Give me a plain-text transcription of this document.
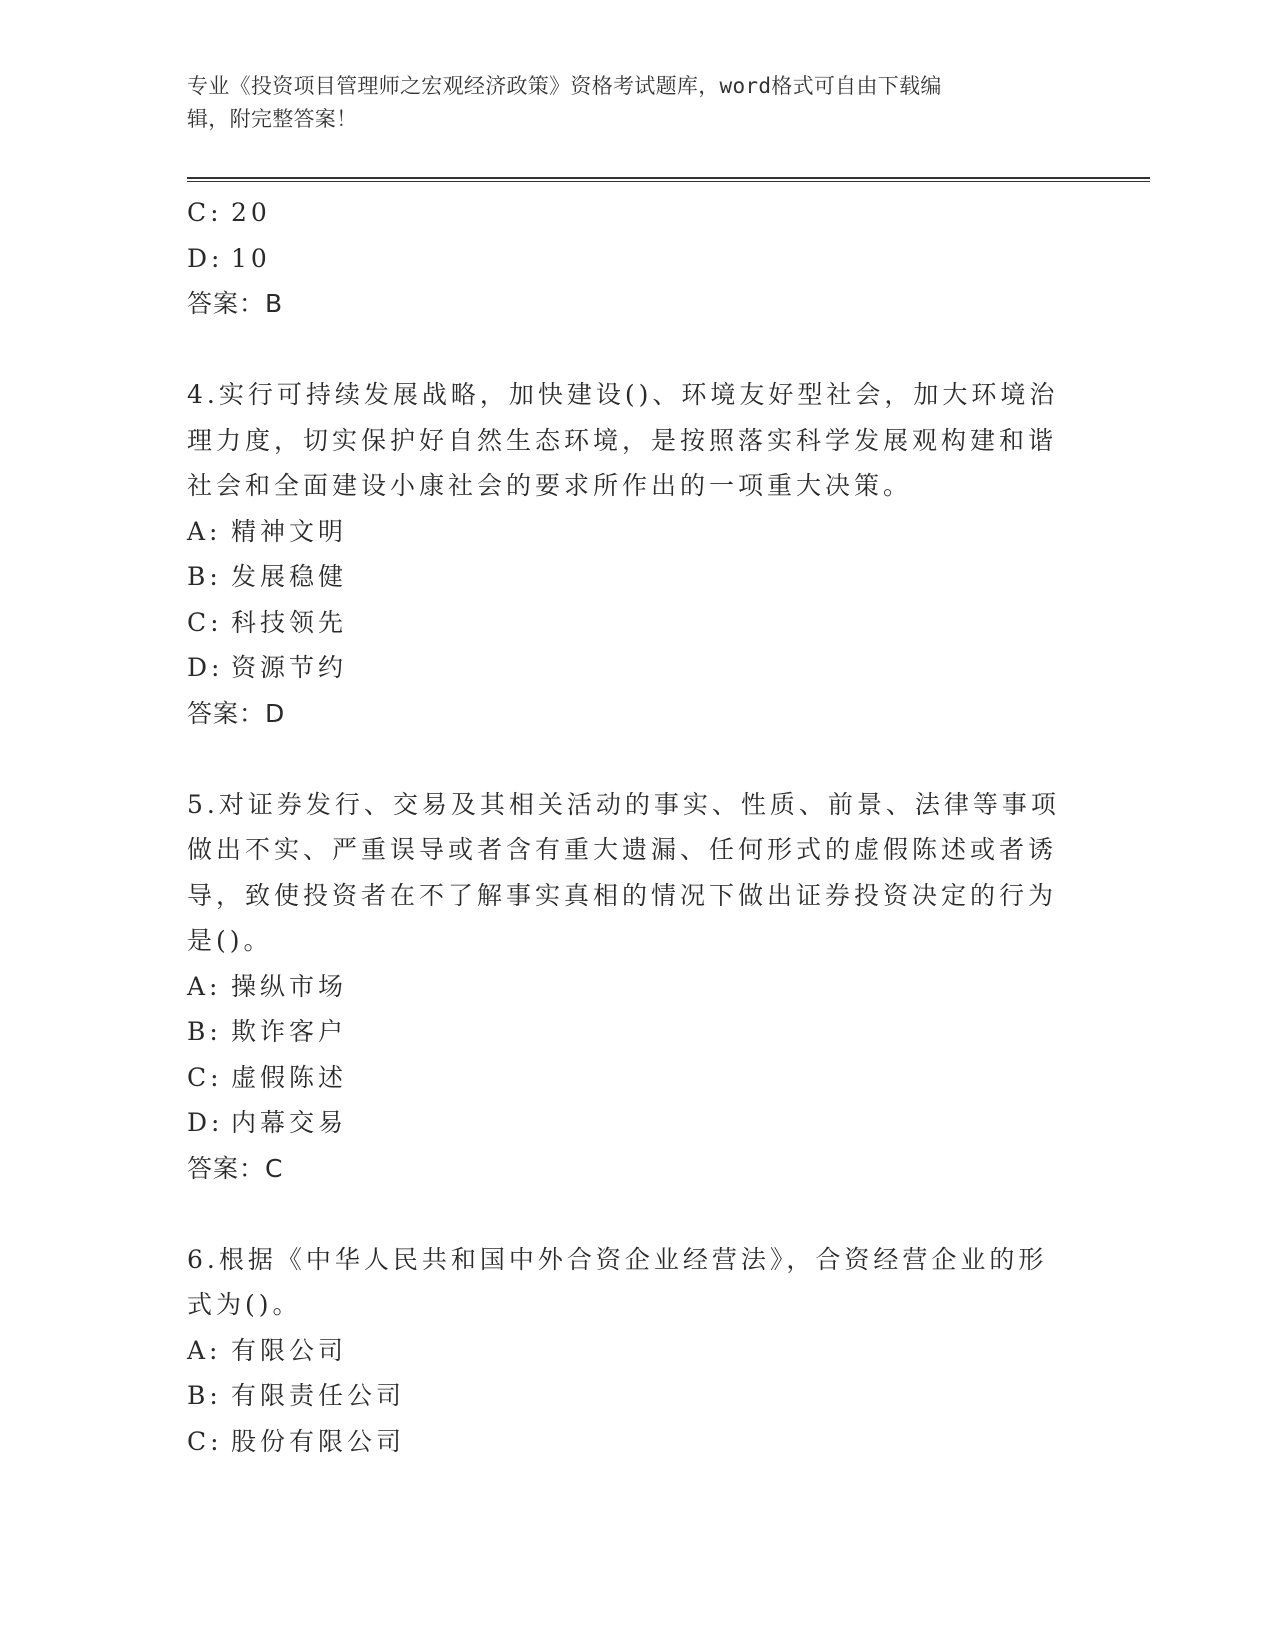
专业《投资项目管理师之宏观经济政策》资格考试题库，word格式可自由下载编
辑，附完整答案！
C: 20
D: 10
答案：B
4.实行可持续发展战略，加快建设()、环境友好型社会，加大环境治
理力度，切实保护好自然生态环境，是按照落实科学发展观构建和谐
社会和全面建设小康社会的要求所作出的一项重大决策。
A: 精神文明
B: 发展稳健
C: 科技领先
D: 资源节约
答案：D
5.对证券发行、交易及其相关活动的事实、性质、前景、法律等事项
做出不实、严重误导或者含有重大遗漏、任何形式的虚假陈述或者诱
导，致使投资者在不了解事实真相的情况下做出证券投资决定的行为
是()。
A: 操纵市场
B: 欺诈客户
C: 虚假陈述
D: 内幕交易
答案：C
6.根据《中华人民共和国中外合资企业经营法》，合资经营企业的形
式为()。
A: 有限公司
B: 有限责任公司
C: 股份有限公司
